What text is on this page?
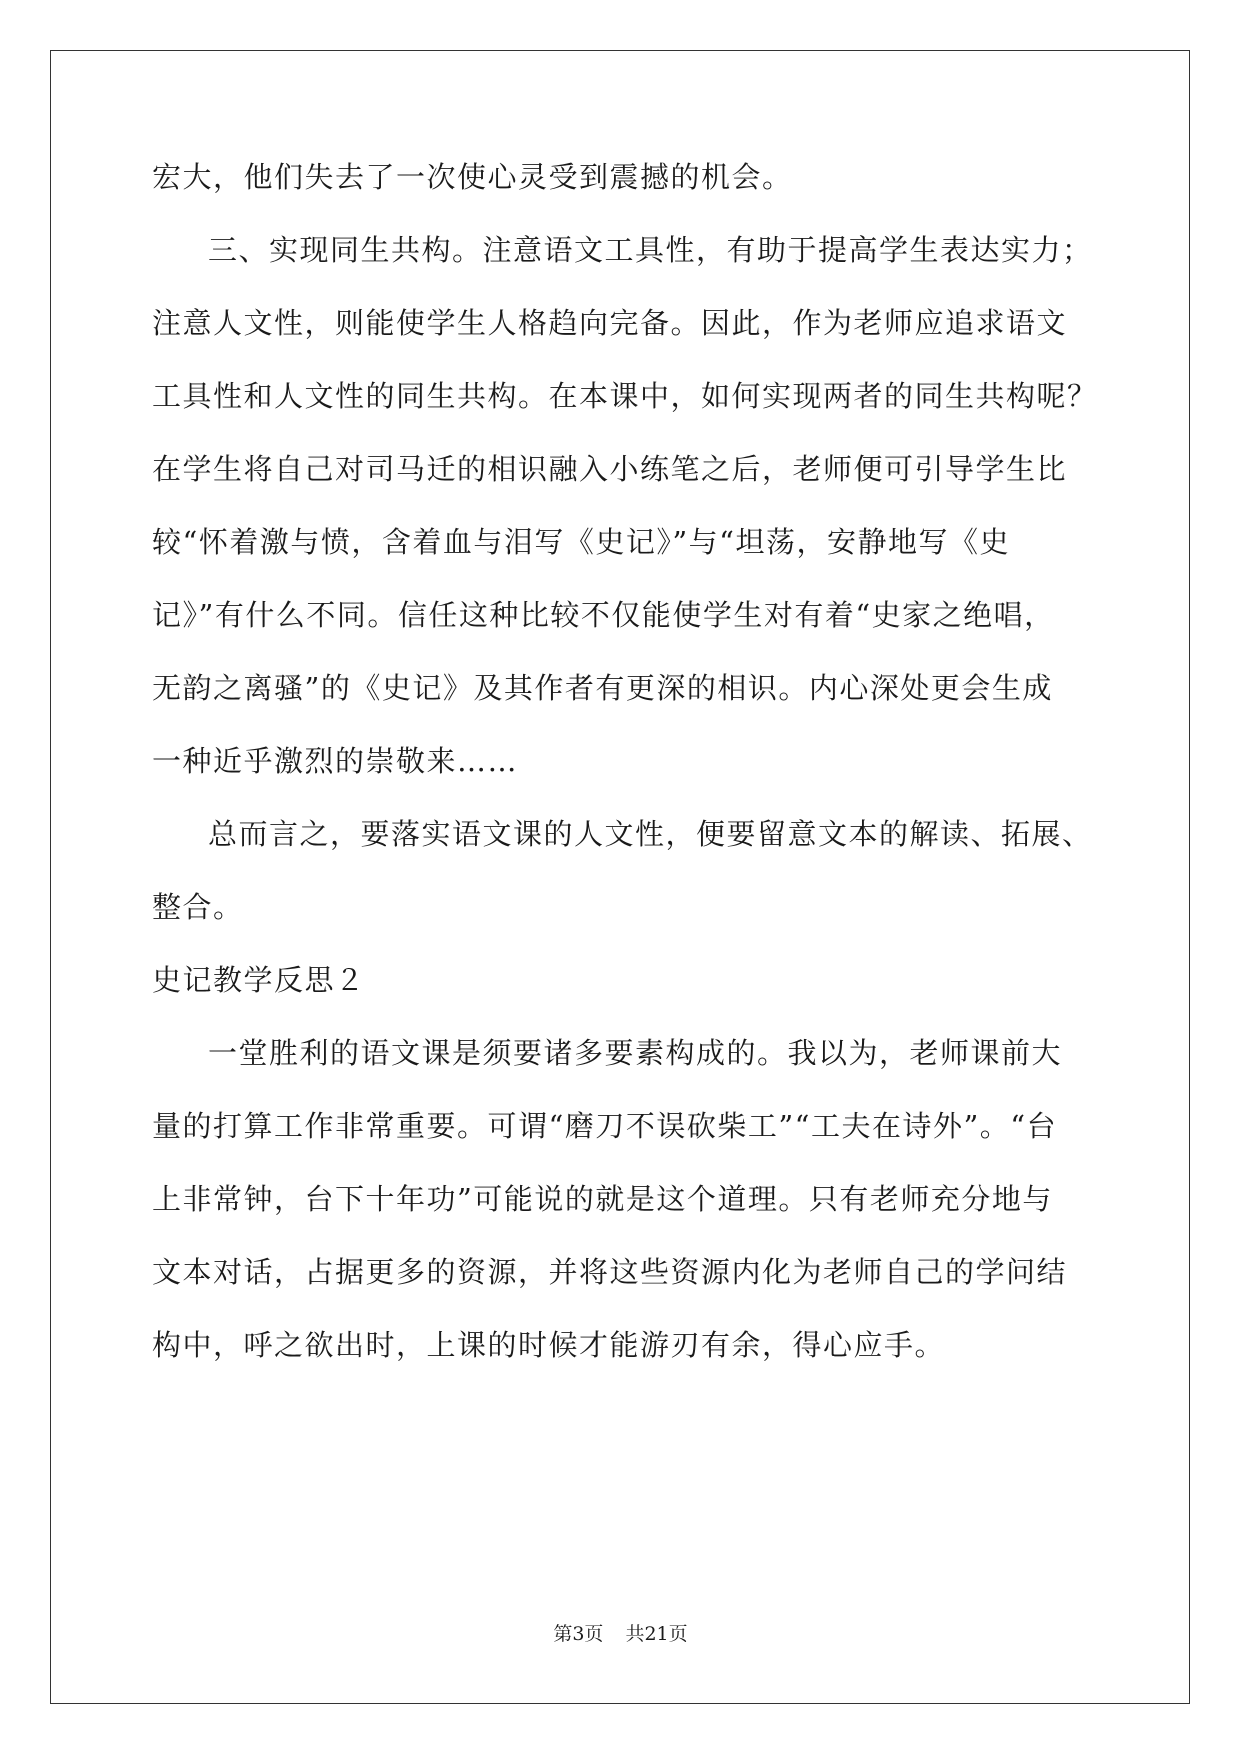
宏大，他们失去了一次使心灵受到震撼的机会。
三、实现同生共构。注意语文工具性，有助于提高学生表达实力；
注意人文性，则能使学生人格趋向完备。因此，作为老师应追求语文
工具性和人文性的同生共构。在本课中，如何实现两者的同生共构呢？
在学生将自己对司马迁的相识融入小练笔之后，老师便可引导学生比
较“怀着激与愤，含着血与泪写《史记》”与“坦荡，安静地写《史
记》”有什么不同。信任这种比较不仅能使学生对有着“史家之绝唱，
无韵之离骚”的《史记》及其作者有更深的相识。内心深处更会生成
一种近乎激烈的崇敬来……
总而言之，要落实语文课的人文性，便要留意文本的解读、拓展、
整合。
史记教学反思２
一堂胜利的语文课是须要诸多要素构成的。我以为，老师课前大
量的打算工作非常重要。可谓“磨刀不误砍柴工”“工夫在诗外”。“台
上非常钟，台下十年功”可能说的就是这个道理。只有老师充分地与
文本对话，占据更多的资源，并将这些资源内化为老师自己的学问结
构中，呼之欲出时，上课的时候才能游刃有余，得心应手。
第3页 共21页
